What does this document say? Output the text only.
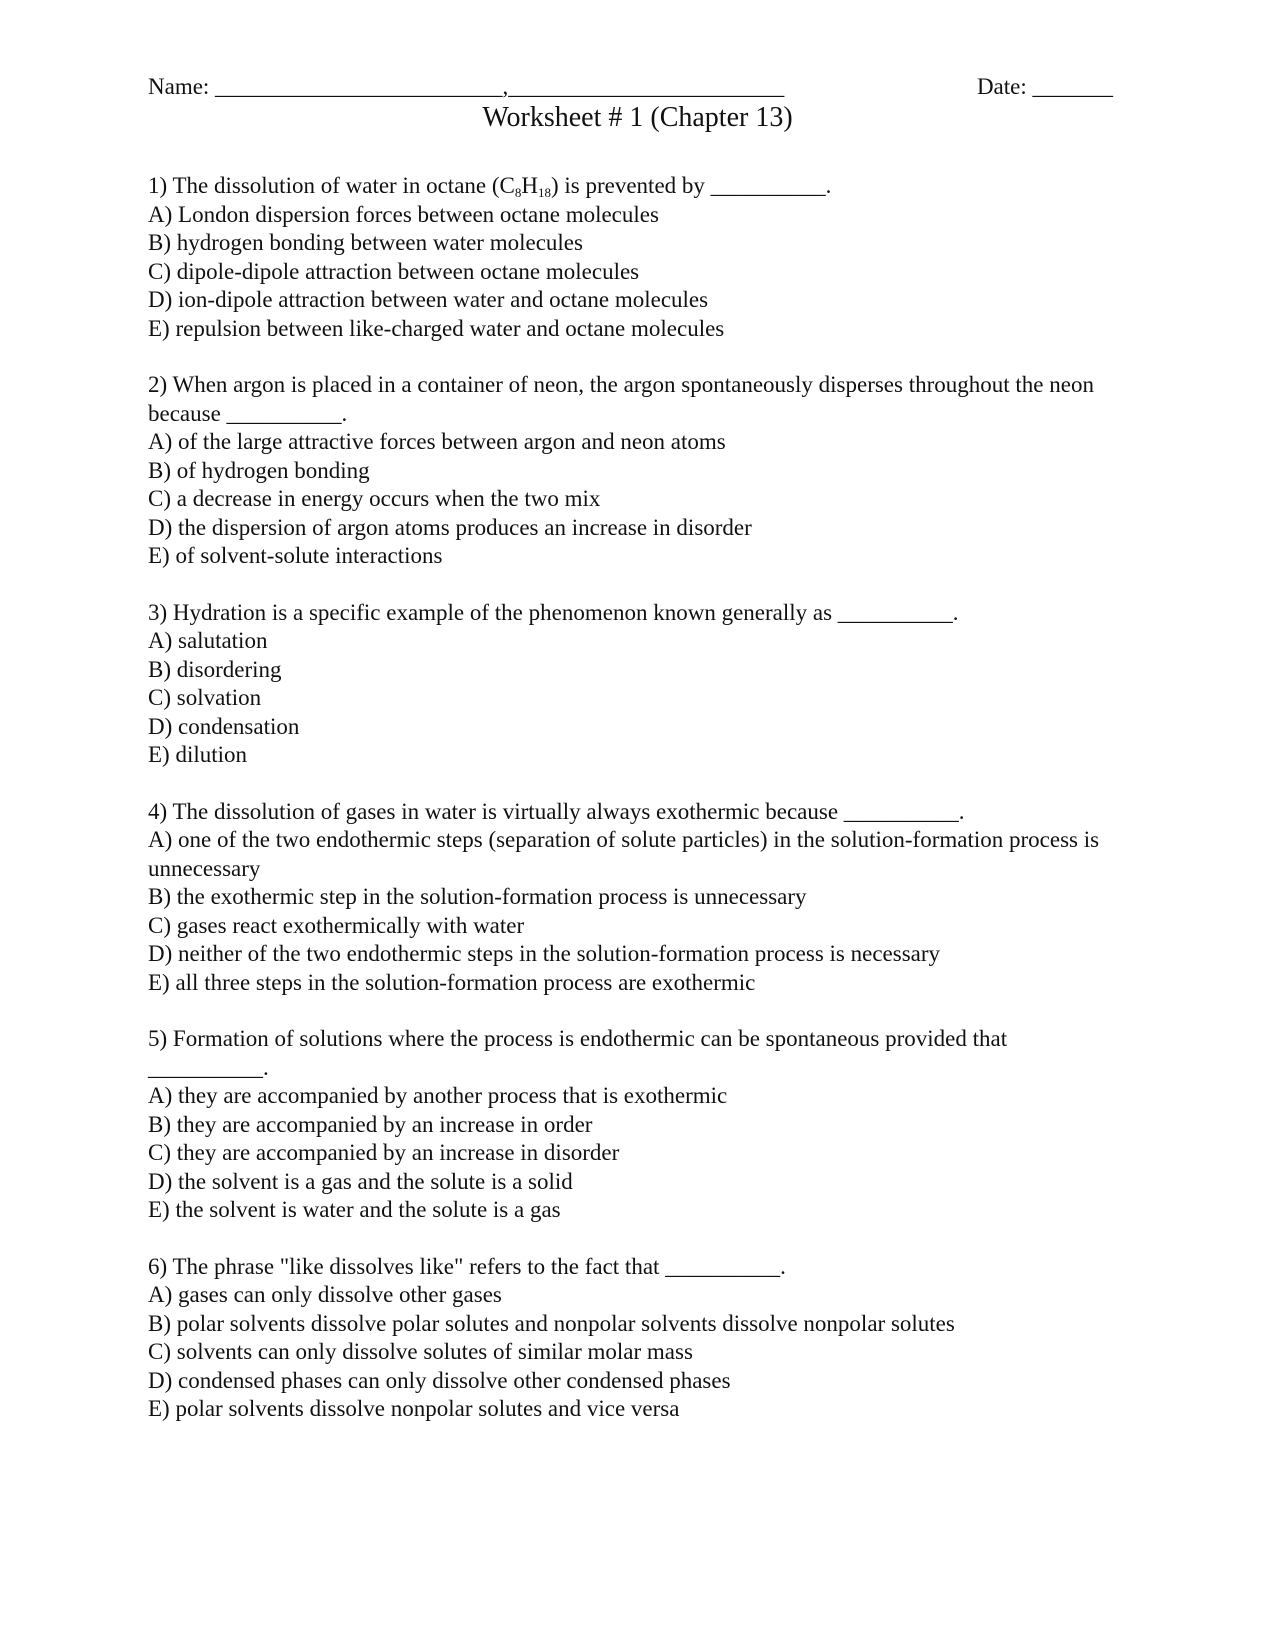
Name: _________________________,________________________	Date: _______
Worksheet # 1 (Chapter 13)
1) The dissolution of water in octane $(C_8H_{18})$ is prevented by __________.
A) London dispersion forces between octane molecules
B) hydrogen bonding between water molecules
C) dipole-dipole attraction between octane molecules
D) ion-dipole attraction between water and octane molecules
E) repulsion between like-charged water and octane molecules
2) When argon is placed in a container of neon, the argon spontaneously disperses throughout the neon because __________.
A) of the large attractive forces between argon and neon atoms
B) of hydrogen bonding
C) a decrease in energy occurs when the two mix
D) the dispersion of argon atoms produces an increase in disorder
E) of solvent-solute interactions
3) Hydration is a specific example of the phenomenon known generally as __________.
A) salutation
B) disordering
C) solvation
D) condensation
E) dilution
4) The dissolution of gases in water is virtually always exothermic because __________.
A) one of the two endothermic steps (separation of solute particles) in the solution-formation process is unnecessary
B) the exothermic step in the solution-formation process is unnecessary
C) gases react exothermically with water
D) neither of the two endothermic steps in the solution-formation process is necessary
E) all three steps in the solution-formation process are exothermic
5) Formation of solutions where the process is endothermic can be spontaneous provided that __________.
A) they are accompanied by another process that is exothermic
B) they are accompanied by an increase in order
C) they are accompanied by an increase in disorder
D) the solvent is a gas and the solute is a solid
E) the solvent is water and the solute is a gas
6) The phrase "like dissolves like" refers to the fact that __________.
A) gases can only dissolve other gases
B) polar solvents dissolve polar solutes and nonpolar solvents dissolve nonpolar solutes
C) solvents can only dissolve solutes of similar molar mass
D) condensed phases can only dissolve other condensed phases
E) polar solvents dissolve nonpolar solutes and vice versa
